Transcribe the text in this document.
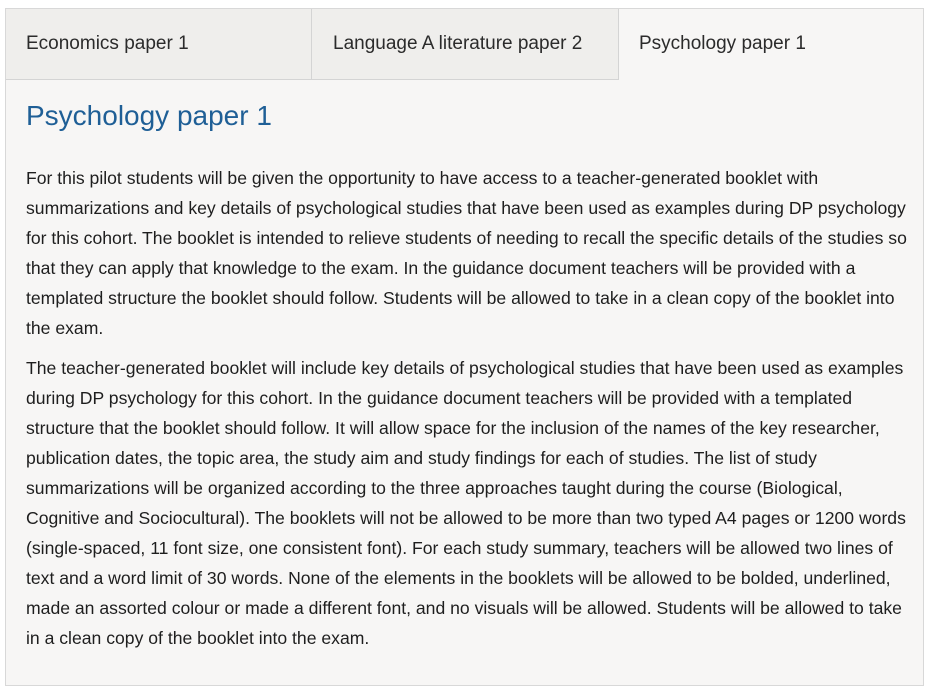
Economics paper 1	Language A literature paper 2	Psychology paper 1
Psychology paper 1

For this pilot students will be given the opportunity to have access to a teacher-generated booklet with summarizations and key details of psychological studies that have been used as examples during DP psychology for this cohort. The booklet is intended to relieve students of needing to recall the specific details of the studies so that they can apply that knowledge to the exam. In the guidance document teachers will be provided with a templated structure the booklet should follow. Students will be allowed to take in a clean copy of the booklet into the exam.

The teacher-generated booklet will include key details of psychological studies that have been used as examples during DP psychology for this cohort. In the guidance document teachers will be provided with a templated structure that the booklet should follow. It will allow space for the inclusion of the names of the key researcher, publication dates, the topic area, the study aim and study findings for each of studies. The list of study summarizations will be organized according to the three approaches taught during the course (Biological, Cognitive and Sociocultural). The booklets will not be allowed to be more than two typed A4 pages or 1200 words (single-spaced, 11 font size, one consistent font). For each study summary, teachers will be allowed two lines of text and a word limit of 30 words. None of the elements in the booklets will be allowed to be bolded, underlined, made an assorted colour or made a different font, and no visuals will be allowed. Students will be allowed to take in a clean copy of the booklet into the exam.
